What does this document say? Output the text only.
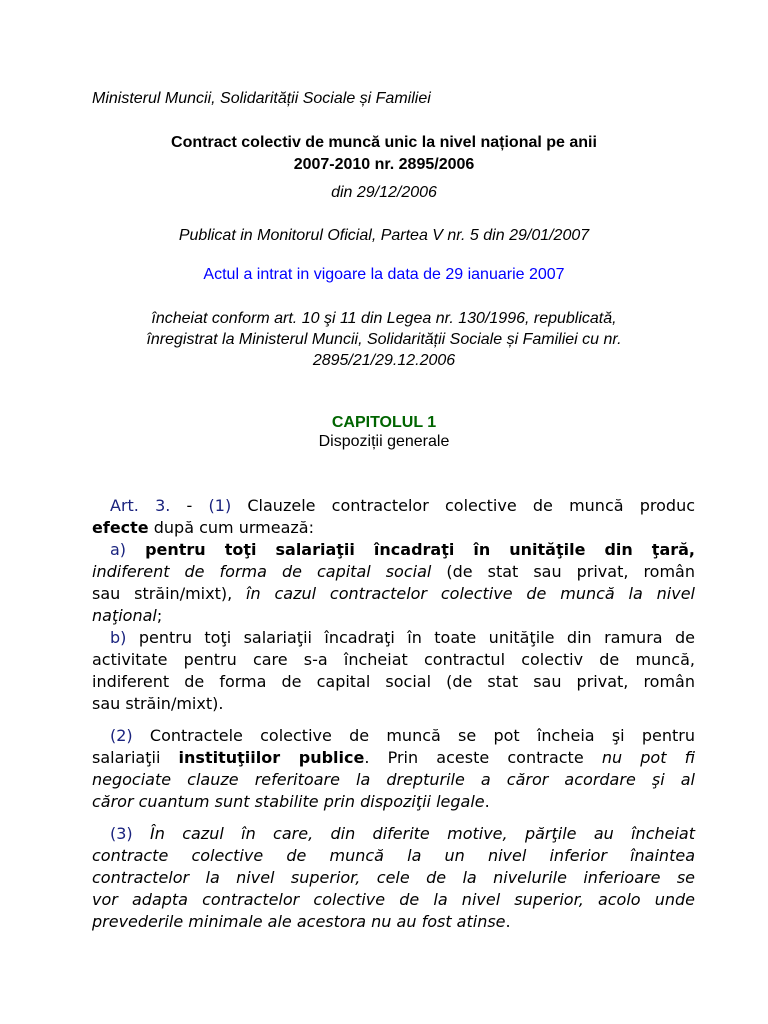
Ministerul Muncii, Solidarității Sociale și Familiei
Contract colectiv de muncă unic la nivel național pe anii
2007-2010 nr. 2895/2006
din 29/12/2006
Publicat in Monitorul Oficial, Partea V nr. 5 din 29/01/2007
Actul a intrat in vigoare la data de 29 ianuarie 2007
încheiat conform art. 10 şi 11 din Legea nr. 130/1996, republicată,
înregistrat la Ministerul Muncii, Solidarității Sociale și Familiei cu nr.
2895/21/29.12.2006
CAPITOLUL 1
Dispoziții generale
Art. 3. - (1) Clauzele contractelor colective de muncă produc
efecte după cum urmează:
a) pentru toţi salariaţii încadraţi în unităţile din ţară,
indiferent de forma de capital social (de stat sau privat, român
sau străin/mixt), în cazul contractelor colective de muncă la nivel
naţional;
b) pentru toţi salariaţii încadraţi în toate unităţile din ramura de
activitate pentru care s-a încheiat contractul colectiv de muncă,
indiferent de forma de capital social (de stat sau privat, român
sau străin/mixt).
(2) Contractele colective de muncă se pot încheia şi pentru
salariaţii instituţiilor publice. Prin aceste contracte nu pot fi
negociate clauze referitoare la drepturile a căror acordare şi al
căror cuantum sunt stabilite prin dispoziţii legale.
(3) În cazul în care, din diferite motive, părţile au încheiat
contracte colective de muncă la un nivel inferior înaintea
contractelor la nivel superior, cele de la nivelurile inferioare se
vor adapta contractelor colective de la nivel superior, acolo unde
prevederile minimale ale acestora nu au fost atinse.
